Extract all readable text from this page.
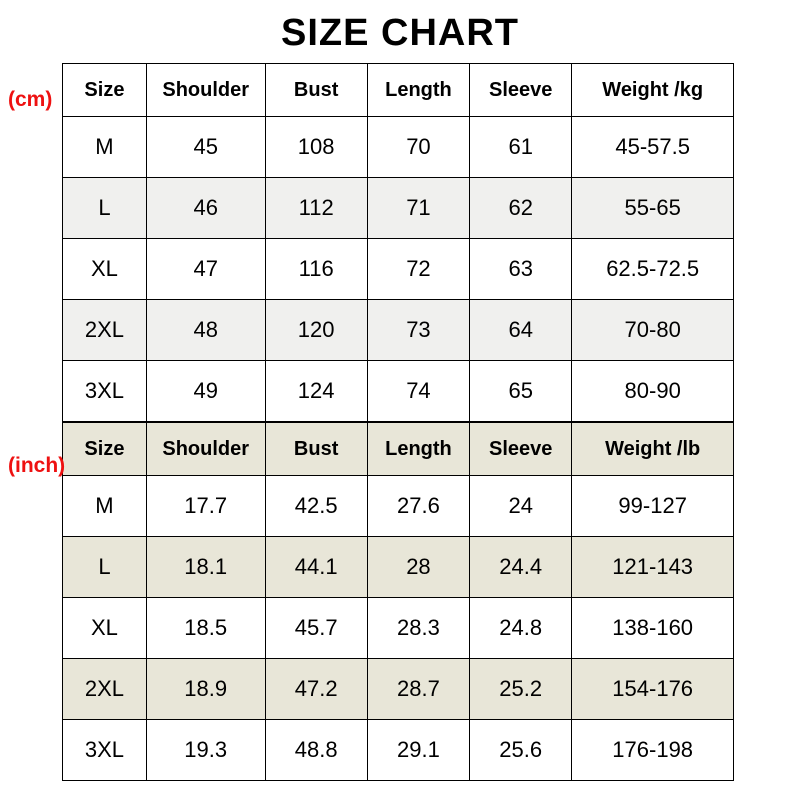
SIZE CHART
(cm)
(inch)
Size	Shoulder	Bust	Length	Sleeve	Weight /kg
M	45	108	70	61	45-57.5
L	46	112	71	62	55-65
XL	47	116	72	63	62.5-72.5
2XL	48	120	73	64	70-80
3XL	49	124	74	65	80-90
Size	Shoulder	Bust	Length	Sleeve	Weight /lb
M	17.7	42.5	27.6	24	99-127
L	18.1	44.1	28	24.4	121-143
XL	18.5	45.7	28.3	24.8	138-160
2XL	18.9	47.2	28.7	25.2	154-176
3XL	19.3	48.8	29.1	25.6	176-198
